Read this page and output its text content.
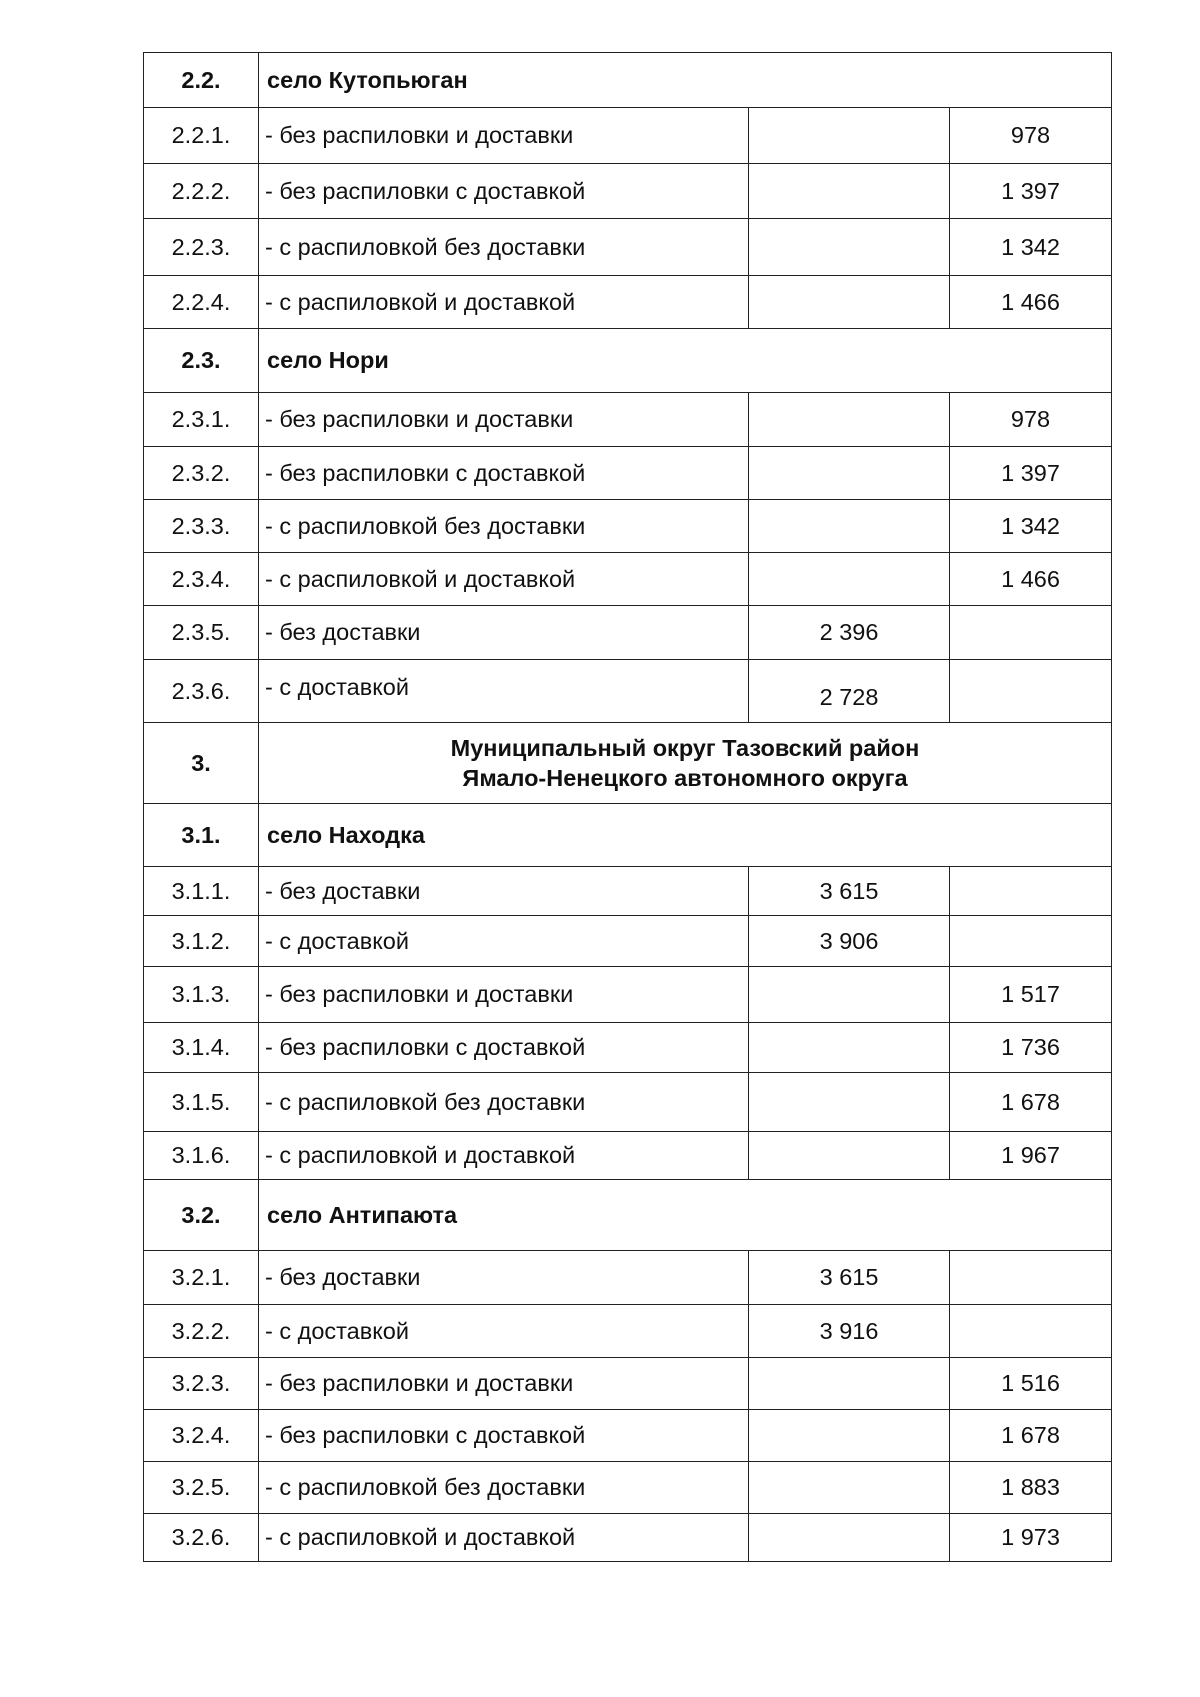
2.2.	село Кутопьюган		
2.2.1.	- без распиловки и доставки		978
2.2.2.	- без распиловки с доставкой		1 397
2.2.3.	- с распиловкой без доставки		1 342
2.2.4.	- с распиловкой и доставкой		1 466
2.3.	село Нори		
2.3.1.	- без распиловки и доставки		978
2.3.2.	- без распиловки с доставкой		1 397
2.3.3.	- с распиловкой без доставки		1 342
2.3.4.	- с распиловкой и доставкой		1 466
2.3.5.	- без доставки	2 396	
2.3.6.	- с доставкой	2 728	
3.	Муниципальный округ Тазовский район
Ямало-Ненецкого автономного округа		

3.1.	село Находка		
3.1.1.	- без доставки	3 615	
3.1.2.	- с доставкой	3 906	
3.1.3.	- без распиловки и доставки		1 517
3.1.4.	- без распиловки с доставкой		1 736
3.1.5.	- с распиловкой без доставки		1 678
3.1.6.	- с распиловкой и доставкой		1 967
3.2.	село Антипаюта		
3.2.1.	- без доставки	3 615	
3.2.2.	- с доставкой	3 916	
3.2.3.	- без распиловки и доставки		1 516
3.2.4.	- без распиловки с доставкой		1 678
3.2.5.	- с распиловкой без доставки		1 883
3.2.6.	- с распиловкой и доставкой		1 973
